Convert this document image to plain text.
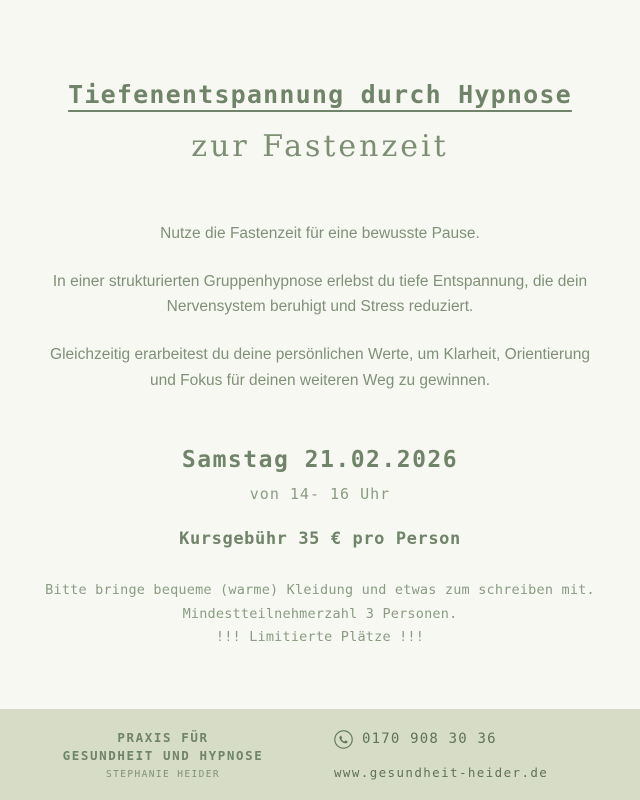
Tiefenentspannung durch Hypnose
zur Fastenzeit
Nutze die Fastenzeit für eine bewusste Pause.
In einer strukturierten Gruppenhypnose erlebst du tiefe Entspannung, die dein Nervensystem beruhigt und Stress reduziert.
Gleichzeitig erarbeitest du deine persönlichen Werte, um Klarheit, Orientierung und Fokus für deinen weiteren Weg zu gewinnen.
Samstag 21.02.2026
von 14- 16 Uhr
Kursgebühr 35 € pro Person
Bitte bringe bequeme (warme) Kleidung und etwas zum schreiben mit.
Mindestteilnehmerzahl 3 Personen.
!!! Limitierte Plätze !!!
PRAXIS FÜR
GESUNDHEIT UND HYPNOSE
STEPHANIE HEIDER
0170 908 30 36
www.gesundheit-heider.de
